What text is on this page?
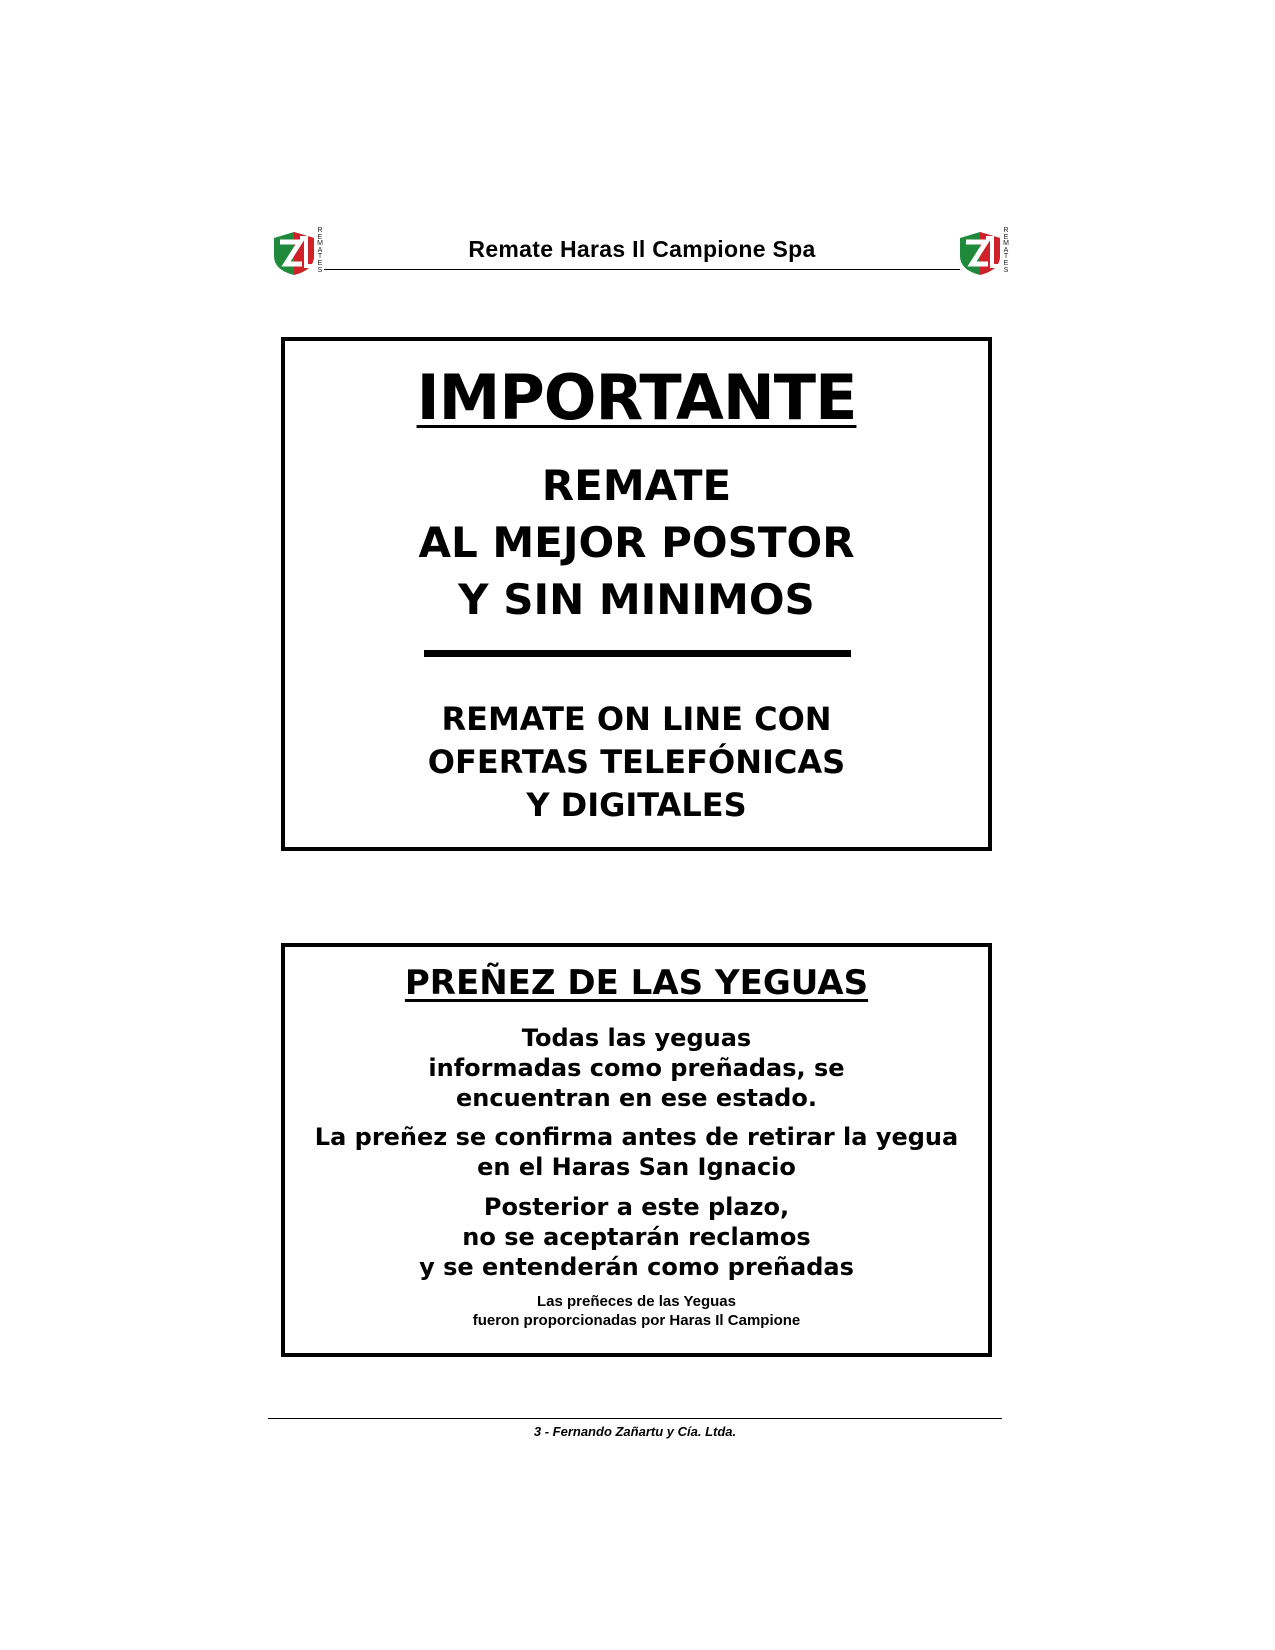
R
E
M
A
T
E
S
Remate Haras Il Campione Spa
R
E
M
A
T
E
S
IMPORTANTE
REMATE
AL MEJOR POSTOR
Y SIN MINIMOS
REMATE ON LINE CON
OFERTAS TELEFÓNICAS
Y DIGITALES
PREÑEZ DE LAS YEGUAS
Todas las yeguas
informadas como preñadas, se
encuentran en ese estado.
La preñez se confirma antes de retirar la yegua
en el Haras San Ignacio
Posterior a este plazo,
no se aceptarán reclamos
y se entenderán como preñadas
Las preñeces de las Yeguas
fueron proporcionadas por Haras Il Campione
3 - Fernando Zañartu y Cía. Ltda.
